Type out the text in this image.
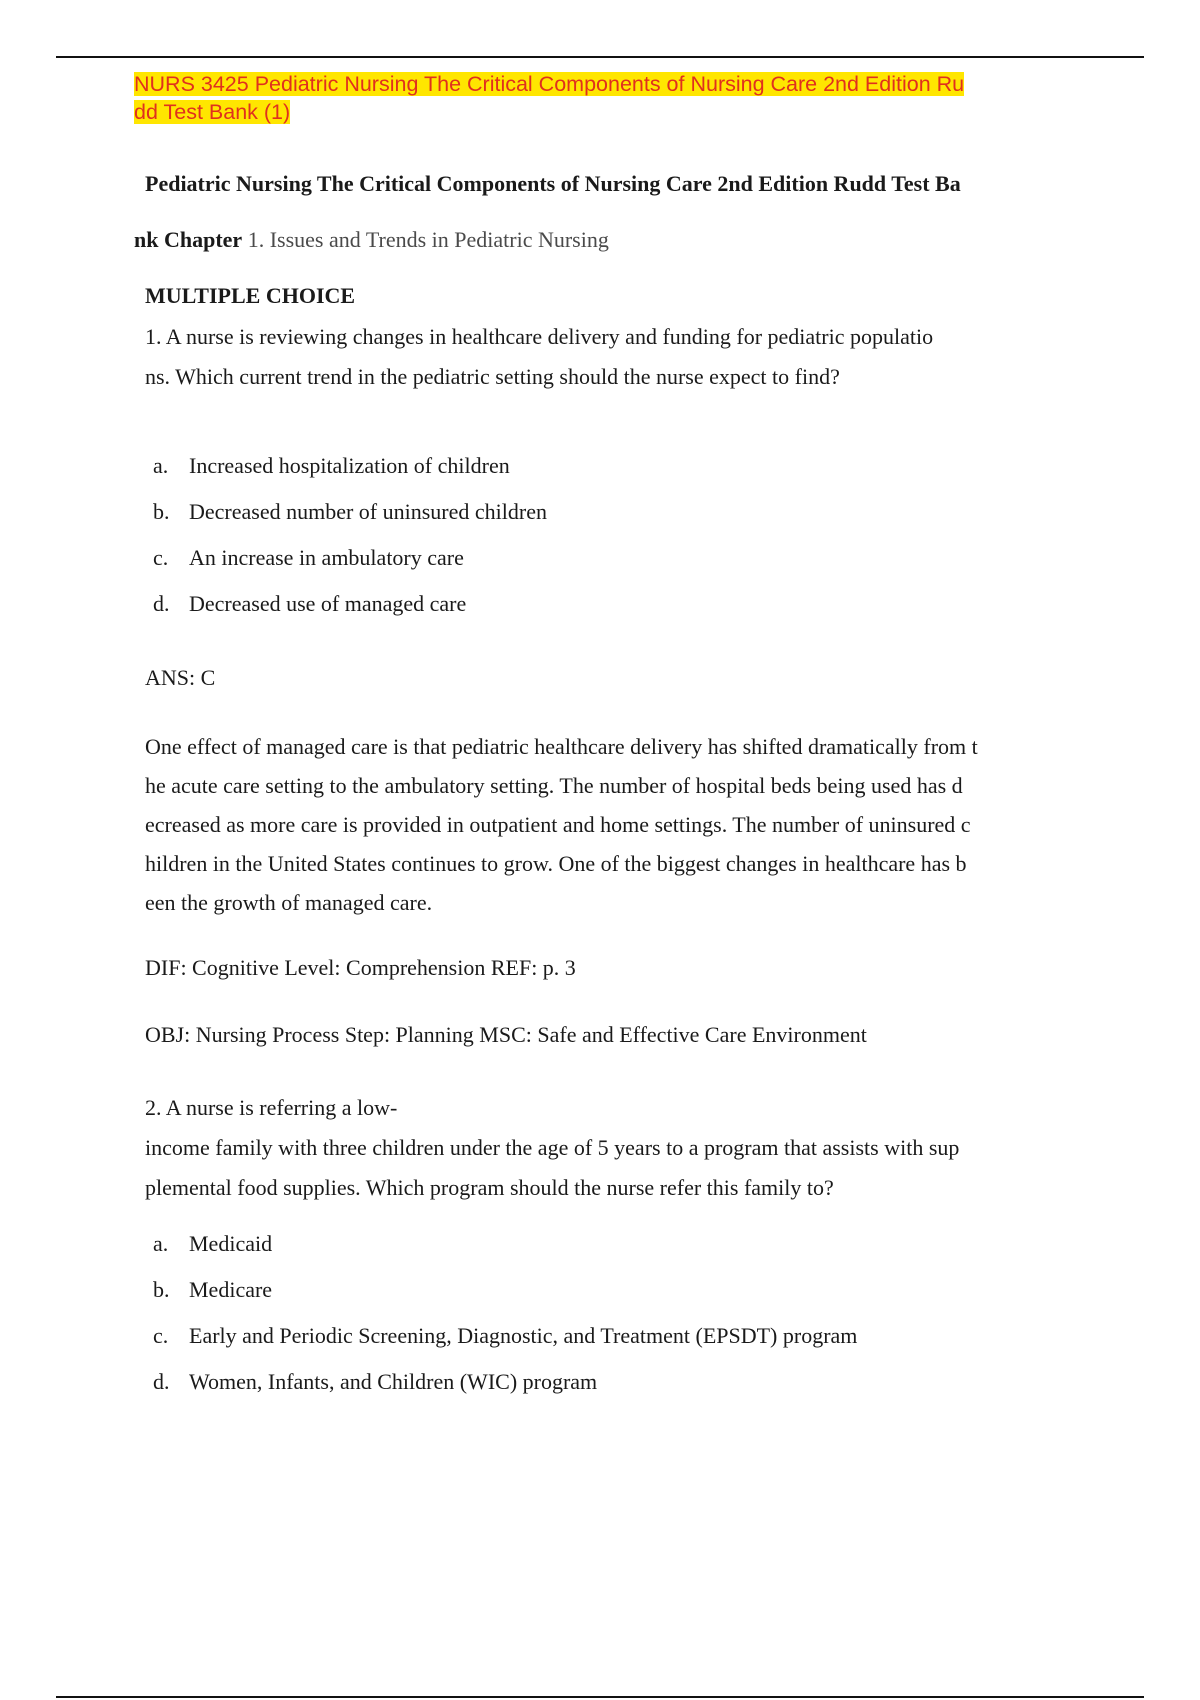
NURS 3425 Pediatric Nursing The Critical Components of Nursing Care 2nd Edition Ru
dd Test Bank (1)

Pediatric Nursing The Critical Components of Nursing Care 2nd Edition Rudd Test Ba
nk Chapter 1. Issues and Trends in Pediatric Nursing

MULTIPLE CHOICE

1. A nurse is reviewing changes in healthcare delivery and funding for pediatric populatio
ns. Which current trend in the pediatric setting should the nurse expect to find?

a. Increased hospitalization of children
b. Decreased number of uninsured children
c. An increase in ambulatory care
d. Decreased use of managed care

ANS: C

One effect of managed care is that pediatric healthcare delivery has shifted dramatically from t
he acute care setting to the ambulatory setting. The number of hospital beds being used has d
ecreased as more care is provided in outpatient and home settings. The number of uninsured c
hildren in the United States continues to grow. One of the biggest changes in healthcare has b
een the growth of managed care.

DIF: Cognitive Level: Comprehension REF: p. 3

OBJ: Nursing Process Step: Planning MSC: Safe and Effective Care Environment

2. A nurse is referring a low-
income family with three children under the age of 5 years to a program that assists with sup
plemental food supplies. Which program should the nurse refer this family to?

a. Medicaid
b. Medicare
c. Early and Periodic Screening, Diagnostic, and Treatment (EPSDT) program
d. Women, Infants, and Children (WIC) program
